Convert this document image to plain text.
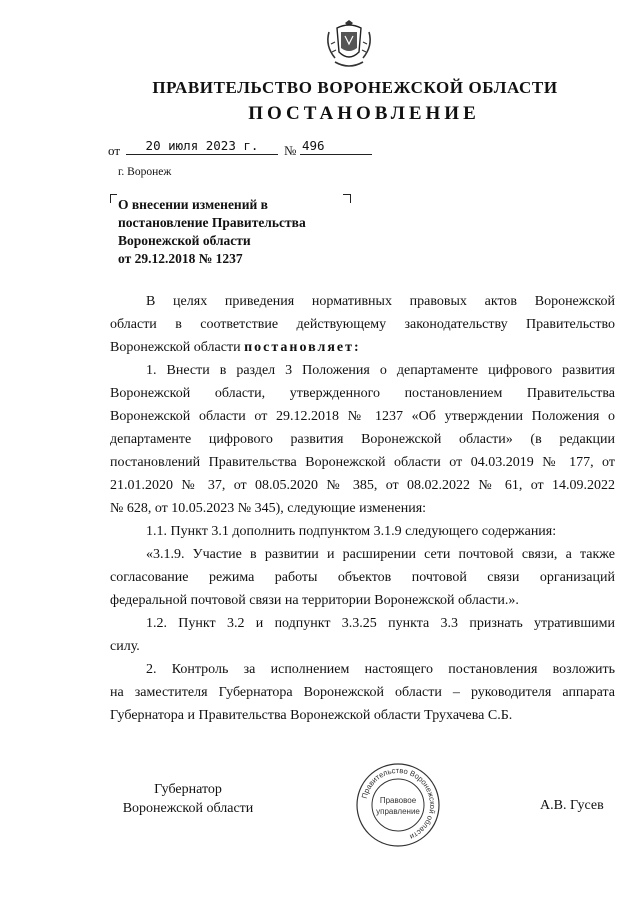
ПРАВИТЕЛЬСТВО ВОРОНЕЖСКОЙ ОБЛАСТИ
ПОСТАНОВЛЕНИЕ
от	20 июля 2023 г.	№ 496
г. Воронеж
О внесении изменений в
постановление Правительства
Воронежской области
от 29.12.2018 № 1237
В целях приведения нормативных правовых актов Воронежской
области в соответствие действующему законодательству Правительство
Воронежской области постановляет:
1. Внести в раздел 3 Положения о департаменте цифрового развития
Воронежской области, утвержденного постановлением Правительства
Воронежской области от 29.12.2018 № 1237 «Об утверждении Положения о
департаменте цифрового развития Воронежской области» (в редакции
постановлений Правительства Воронежской области от 04.03.2019 № 177, от
21.01.2020 № 37, от 08.05.2020 № 385, от 08.02.2022 № 61, от 14.09.2022
№ 628, от 10.05.2023 № 345), следующие изменения:
1.1. Пункт 3.1 дополнить подпунктом 3.1.9 следующего содержания:
«3.1.9. Участие в развитии и расширении сети почтовой связи, а также
согласование режима работы объектов почтовой связи организаций
федеральной почтовой связи на территории Воронежской области.».
1.2. Пункт 3.2 и подпункт 3.3.25 пункта 3.3 признать утратившими
силу.
2. Контроль за исполнением настоящего постановления возложить
на заместителя Губернатора Воронежской области – руководителя аппарата
Губернатора и Правительства Воронежской области Трухачева С.Б.
Губернатор
Воронежской области
Правительство Воронежской области
Правовое
управление	А.В. Гусев
